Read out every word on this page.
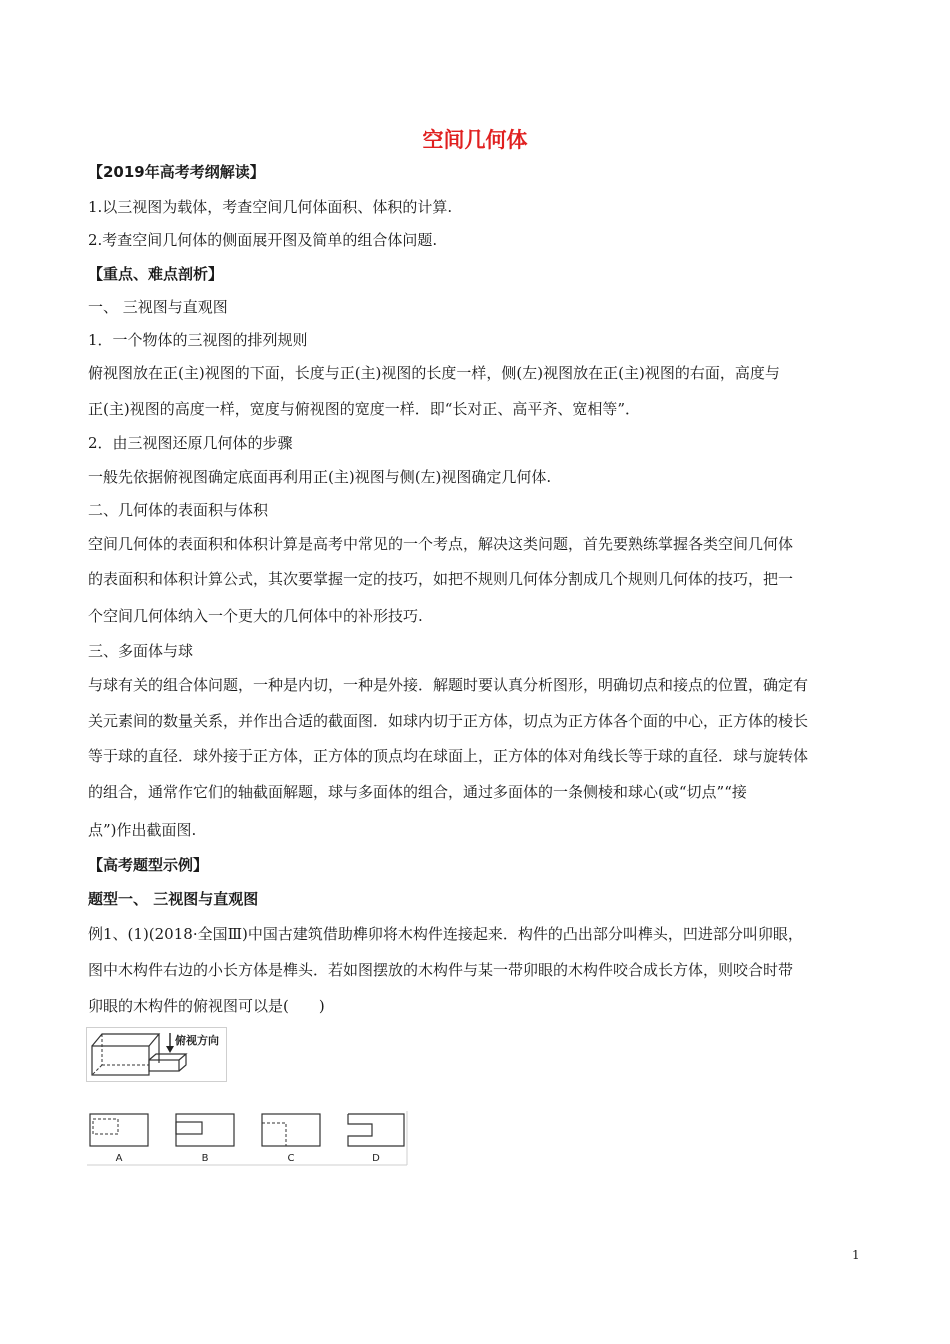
空间几何体
【2019年高考考纲解读】
1.以三视图为载体，考查空间几何体面积、体积的计算.
2.考查空间几何体的侧面展开图及简单的组合体问题.
【重点、难点剖析】
一、 三视图与直观图
1．一个物体的三视图的排列规则
俯视图放在正(主)视图的下面，长度与正(主)视图的长度一样，侧(左)视图放在正(主)视图的右面，高度与
正(主)视图的高度一样，宽度与俯视图的宽度一样．即“长对正、高平齐、宽相等”．
2．由三视图还原几何体的步骤
一般先依据俯视图确定底面再利用正(主)视图与侧(左)视图确定几何体.
二、几何体的表面积与体积
空间几何体的表面积和体积计算是高考中常见的一个考点，解决这类问题，首先要熟练掌握各类空间几何体
的表面积和体积计算公式，其次要掌握一定的技巧，如把不规则几何体分割成几个规则几何体的技巧，把一
个空间几何体纳入一个更大的几何体中的补形技巧.
三、多面体与球
与球有关的组合体问题，一种是内切，一种是外接．解题时要认真分析图形，明确切点和接点的位置，确定有
关元素间的数量关系，并作出合适的截面图．如球内切于正方体，切点为正方体各个面的中心，正方体的棱长
等于球的直径．球外接于正方体，正方体的顶点均在球面上，正方体的体对角线长等于球的直径．球与旋转体
的组合，通常作它们的轴截面解题，球与多面体的组合，通过多面体的一条侧棱和球心(或“切点”“接
点”)作出截面图.
【高考题型示例】
题型一、 三视图与直观图
例1、(1)(2018·全国Ⅲ)中国古建筑借助榫卯将木构件连接起来．构件的凸出部分叫榫头，凹进部分叫卯眼，
图中木构件右边的小长方体是榫头．若如图摆放的木构件与某一带卯眼的木构件咬合成长方体，则咬合时带
卯眼的木构件的俯视图可以是(　　)
俯视方向
A	B	C	D
1
